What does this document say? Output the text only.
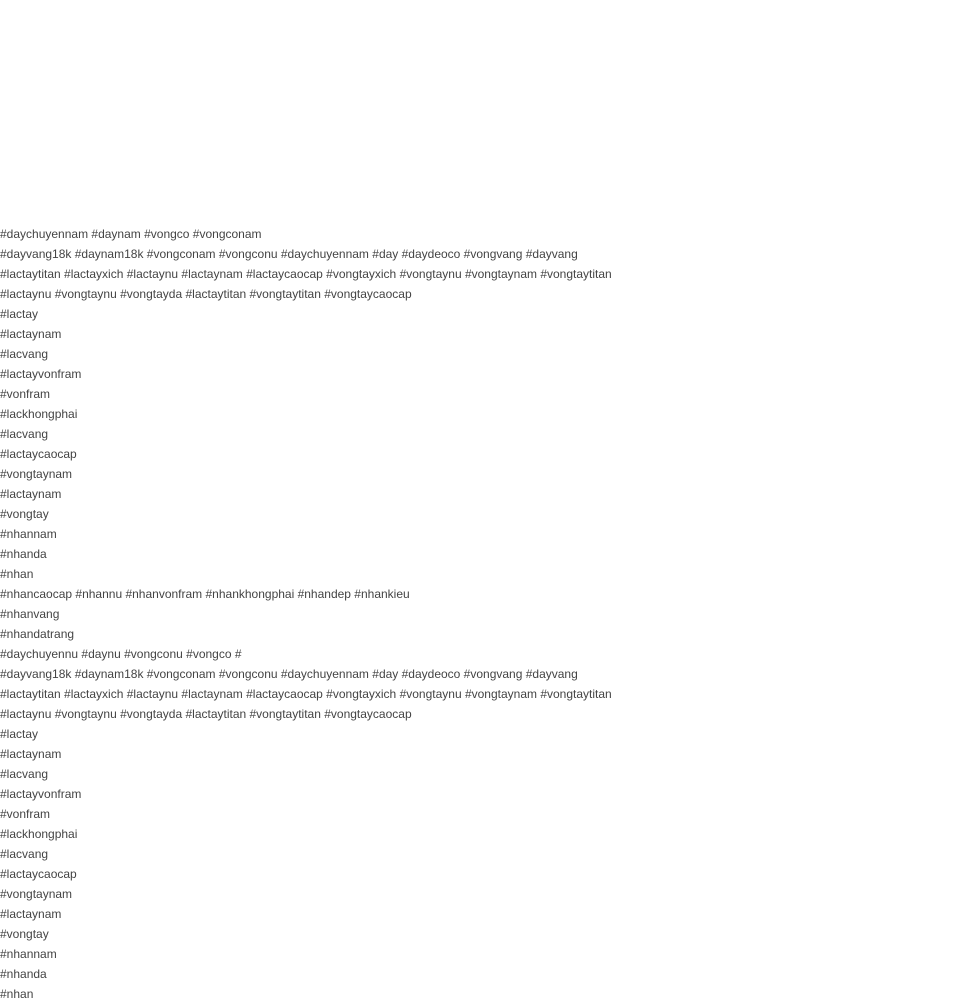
#daychuyennam #daynam #vongco #vongconam

#dayvang18k #daynam18k #vongconam #vongconu #daychuyennam #day #daydeoco #vongvang #dayvang

#lactaytitan #lactayxich #lactaynu #lactaynam #lactaycaocap #vongtayxich #vongtaynu #vongtaynam #vongtaytitan

#lactaynu #vongtaynu #vongtayda #lactaytitan #vongtaytitan #vongtaycaocap

#lactay

#lactaynam

#lacvang

#lactayvonfram

#vonfram

#lackhongphai

#lacvang

#lactaycaocap

#vongtaynam

#lactaynam

#vongtay

#nhannam

#nhanda

#nhan

#nhancaocap #nhannu #nhanvonfram #nhankhongphai #nhandep #nhankieu

#nhanvang

#nhandatrang

#daychuyennu #daynu #vongconu #vongco #

#dayvang18k #daynam18k #vongconam #vongconu #daychuyennam #day #daydeoco #vongvang #dayvang

#lactaytitan #lactayxich #lactaynu #lactaynam #lactaycaocap #vongtayxich #vongtaynu #vongtaynam #vongtaytitan

#lactaynu #vongtaynu #vongtayda #lactaytitan #vongtaytitan #vongtaycaocap

#lactay

#lactaynam

#lacvang

#lactayvonfram

#vonfram

#lackhongphai

#lacvang

#lactaycaocap

#vongtaynam

#lactaynam

#vongtay

#nhannam

#nhanda

#nhan
